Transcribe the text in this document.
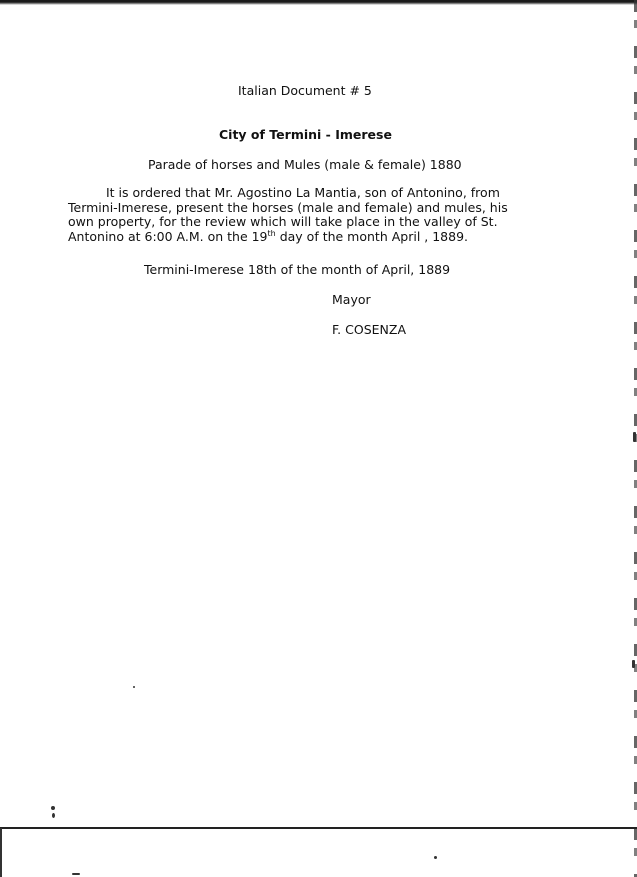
Italian Document # 5
City of Termini - Imerese
Parade of horses and Mules (male & female) 1880
It is ordered that Mr. Agostino La Mantia, son of Antonino, from
Termini-Imerese, present the horses (male and female) and mules, his
own property, for the review which will take place in the valley of St.
Antonino at 6:00 A.M. on the 19th day of the month April , 1889.
Termini-Imerese 18th of the month of April, 1889
Mayor
F. COSENZA
